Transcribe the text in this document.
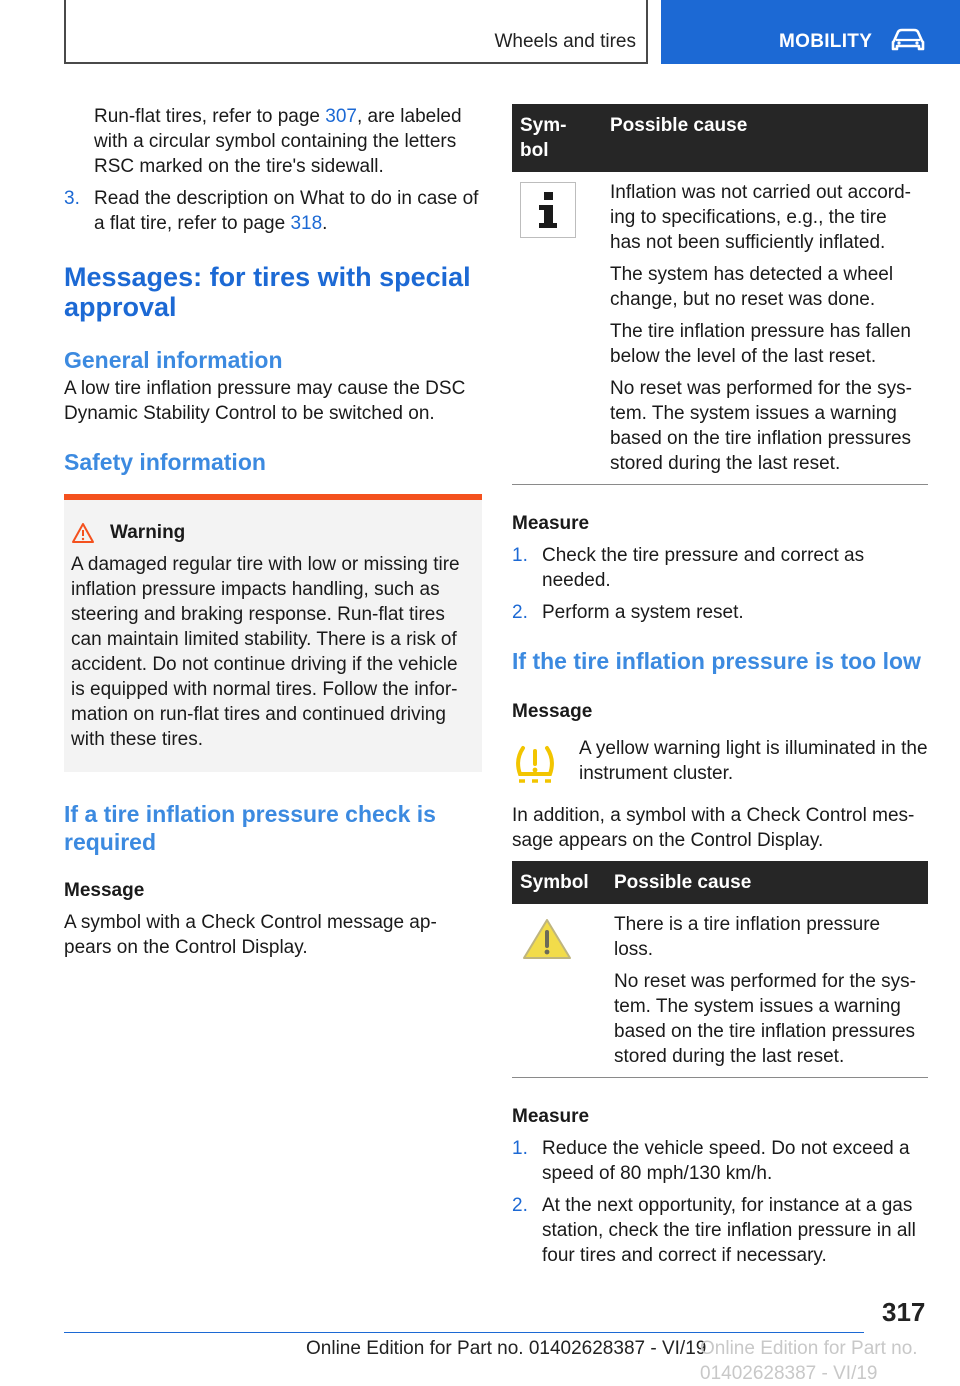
Wheels and tires	MOBILITY

Run-flat tires, refer to page 307, are labeled with a circular symbol containing the letters RSC marked on the tire's sidewall.

3. Read the description on What to do in case of a flat tire, refer to page 318.
Messages: for tires with special approval
General information

A low tire inflation pressure may cause the DSC Dynamic Stability Control to be switched on.

Safety information
Warning

A damaged regular tire with low or missing tire inflation pressure impacts handling, such as steering and braking response. Run-flat tires can maintain limited stability. There is a risk of accident. Do not continue driving if the vehicle is equipped with normal tires. Follow the infor-mation on run-flat tires and continued driving with these tires.

If a tire inflation pressure check is required
Message

A symbol with a Check Control message ap-pears on the Control Display.

Sym-
bol	Possible cause

Inflation was not carried out accord-ing to specifications, e.g., the tire has not been sufficiently inflated.

The system has detected a wheel change, but no reset was done.

The tire inflation pressure has fallen below the level of the last reset.

No reset was performed for the sys-tem. The system issues a warning based on the tire inflation pressures stored during the last reset.

Measure
1. Check the tire pressure and correct as needed.
2. Perform a system reset.
If the tire inflation pressure is too low
Message

A yellow warning light is illuminated in the instrument cluster.

In addition, a symbol with a Check Control mes-sage appears on the Control Display.

Symbol	Possible cause

There is a tire inflation pressure loss.

No reset was performed for the sys-tem. The system issues a warning based on the tire inflation pressures stored during the last reset.

Measure
1. Reduce the vehicle speed. Do not exceed a speed of 80 mph/130 km/h.
2. At the next opportunity, for instance at a gas station, check the tire inflation pressure in all four tires and correct if necessary.
317
Online Edition for Part no. 01402628387 - VI/19
Online Edition for Part no. 01402628387 - VI/19
